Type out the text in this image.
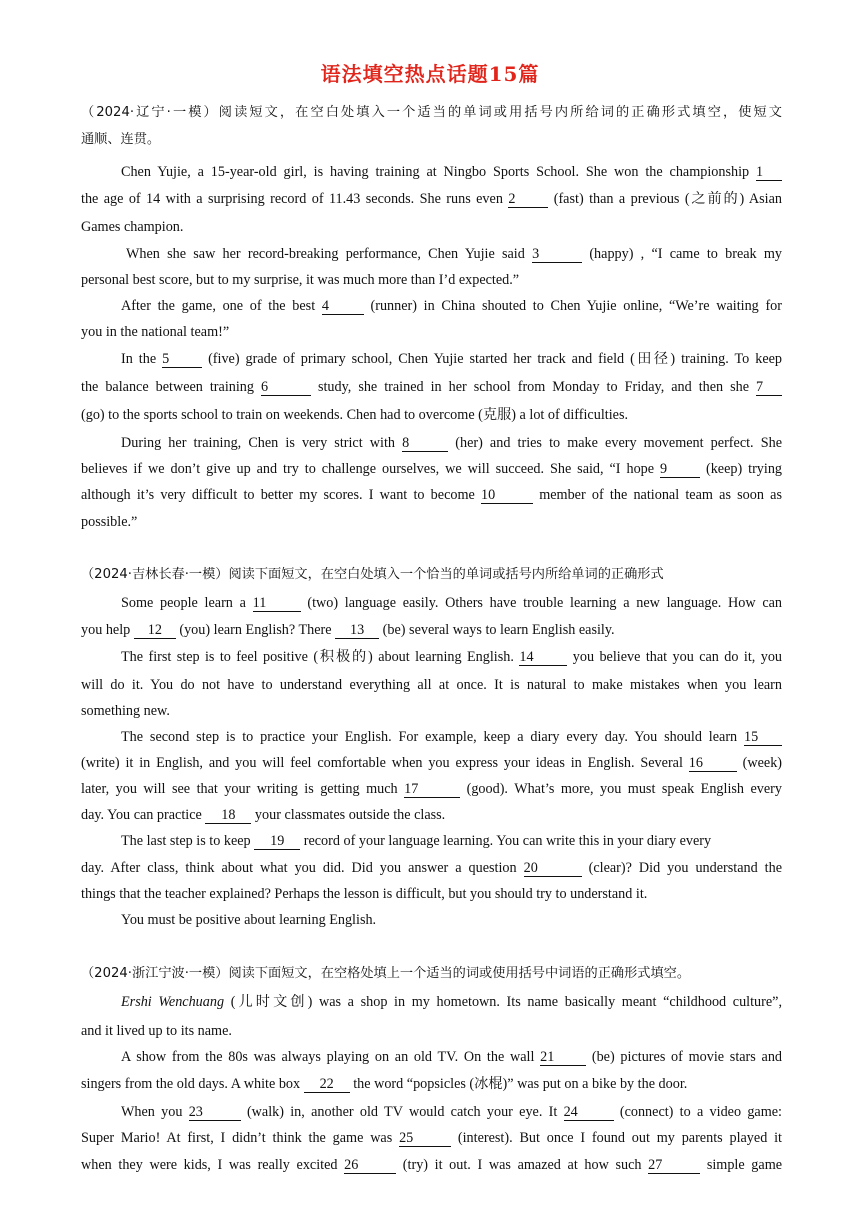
语法填空热点话题15篇
（2024·辽宁·一模）阅读短文，在空白处填入一个适当的单词或用括号内所给词的正确形式填空，使短文
通顺、连贯。
Chen Yujie, a 15-year-old girl, is having training at Ningbo Sports School. She won the championship 1
the age of 14 with a surprising record of 11.43 seconds. She runs even 2	(fast) than a previous (之前的) Asian
Games champion.
When she saw her record-breaking performance, Chen Yujie said 3	(happy) , “I came to break my
personal best score, but to my surprise, it was much more than I’d expected.”
After the game, one of the best 4	(runner) in China shouted to Chen Yujie online, “We’re waiting for
you in the national team!”
In the 5	(five) grade of primary school, Chen Yujie started her track and field (田径) training. To keep
the balance between training 6	study, she trained in her school from Monday to Friday, and then she 7
(go) to the sports school to train on weekends. Chen had to overcome (克服) a lot of difficulties.
During her training, Chen is very strict with 8	(her) and tries to make every movement perfect. She
believes if we don’t give up and try to challenge ourselves, we will succeed. She said, “I hope 9	(keep) trying
although it’s very difficult to better my scores. I want to become 10	member of the national team as soon as
possible.”
（2024·吉林长春·一模）阅读下面短文，在空白处填入一个恰当的单词或括号内所给单词的正确形式
Some people learn a 11	(two) language easily. Others have trouble learning a new language. How can
you help 12 (you) learn English? There 13 (be) several ways to learn English easily.
The first step is to feel positive (积极的) about learning English. 14	you believe that you can do it, you
will do it. You do not have to understand everything all at once. It is natural to make mistakes when you learn
something new.
The second step is to practice your English. For example, keep a diary every day. You should learn 15
(write) it in English, and you will feel comfortable when you express your ideas in English. Several 16	(week)
later, you will see that your writing is getting much 17	(good). What’s more, you must speak English every
day. You can practice 18 your classmates outside the class.
The last step is to keep 19 record of your language learning. You can write this in your diary every
day. After class, think about what you did. Did you answer a question 20	(clear)? Did you understand the
things that the teacher explained? Perhaps the lesson is difficult, but you should try to understand it.
You must be positive about learning English.
（2024·浙江宁波·一模）阅读下面短文，在空格处填上一个适当的词或使用括号中词语的正确形式填空。
Ershi Wenchuang (儿时文创) was a shop in my hometown. Its name basically meant “childhood culture”,
and it lived up to its name.
A show from the 80s was always playing on an old TV. On the wall 21	(be) pictures of movie stars and
singers from the old days. A white box 22 the word “popsicles (冰棍)” was put on a bike by the door.
When you 23	(walk) in, another old TV would catch your eye. It 24	(connect) to a video game:
Super Mario! At first, I didn’t think the game was 25	(interest). But once I found out my parents played it
when they were kids, I was really excited 26	(try) it out. I was amazed at how such 27	simple game
